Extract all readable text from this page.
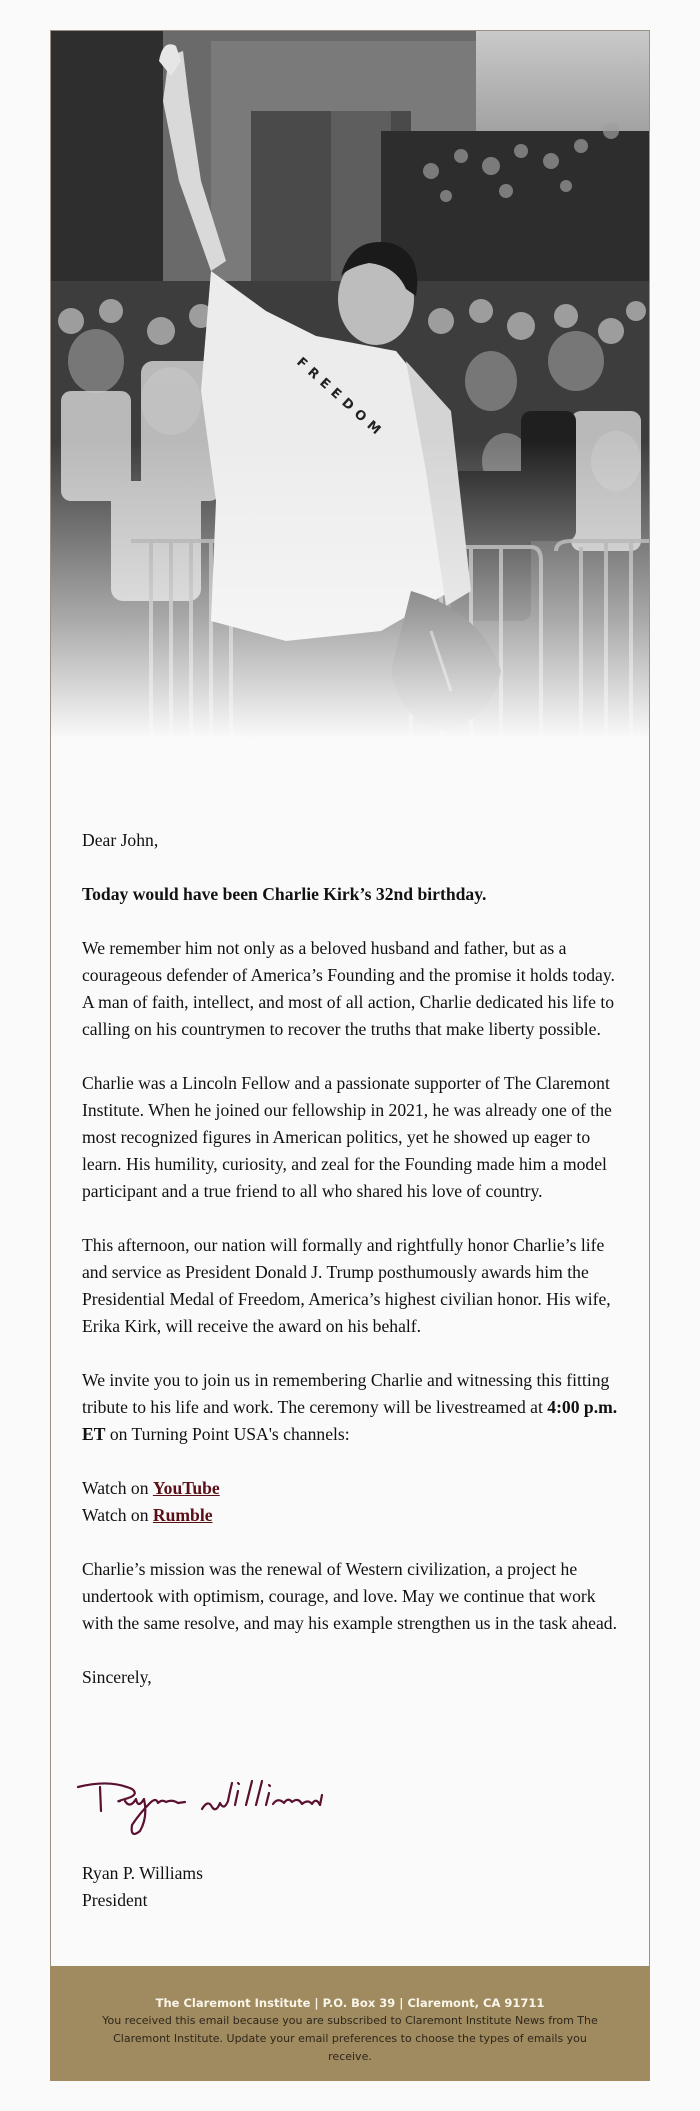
Dear John,

Today would have been Charlie Kirk’s 32nd birthday.

We remember him not only as a beloved husband and father, but as a courageous defender of America’s Founding and the promise it holds today. A man of faith, intellect, and most of all action, Charlie dedicated his life to calling on his countrymen to recover the truths that make liberty possible.

Charlie was a Lincoln Fellow and a passionate supporter of The Claremont Institute. When he joined our fellowship in 2021, he was already one of the most recognized figures in American politics, yet he showed up eager to learn. His humility, curiosity, and zeal for the Founding made him a model participant and a true friend to all who shared his love of country.

This afternoon, our nation will formally and rightfully honor Charlie’s life and service as President Donald J. Trump posthumously awards him the Presidential Medal of Freedom, America’s highest civilian honor. His wife, Erika Kirk, will receive the award on his behalf.

We invite you to join us in remembering Charlie and witnessing this fitting tribute to his life and work. The ceremony will be livestreamed at 4:00 p.m. ET on Turning Point USA's channels:

Watch on YouTube

Watch on Rumble

Charlie’s mission was the renewal of Western civilization, a project he undertook with optimism, courage, and love. May we continue that work with the same resolve, and may his example strengthen us in the task ahead.

Sincerely,

Ryan P. Williams
President
The Claremont Institute | P.O. Box 39 | Claremont, CA 91711
You received this email because you are subscribed to Claremont Institute News from The Claremont Institute. Update your email preferences to choose the types of emails you receive.
